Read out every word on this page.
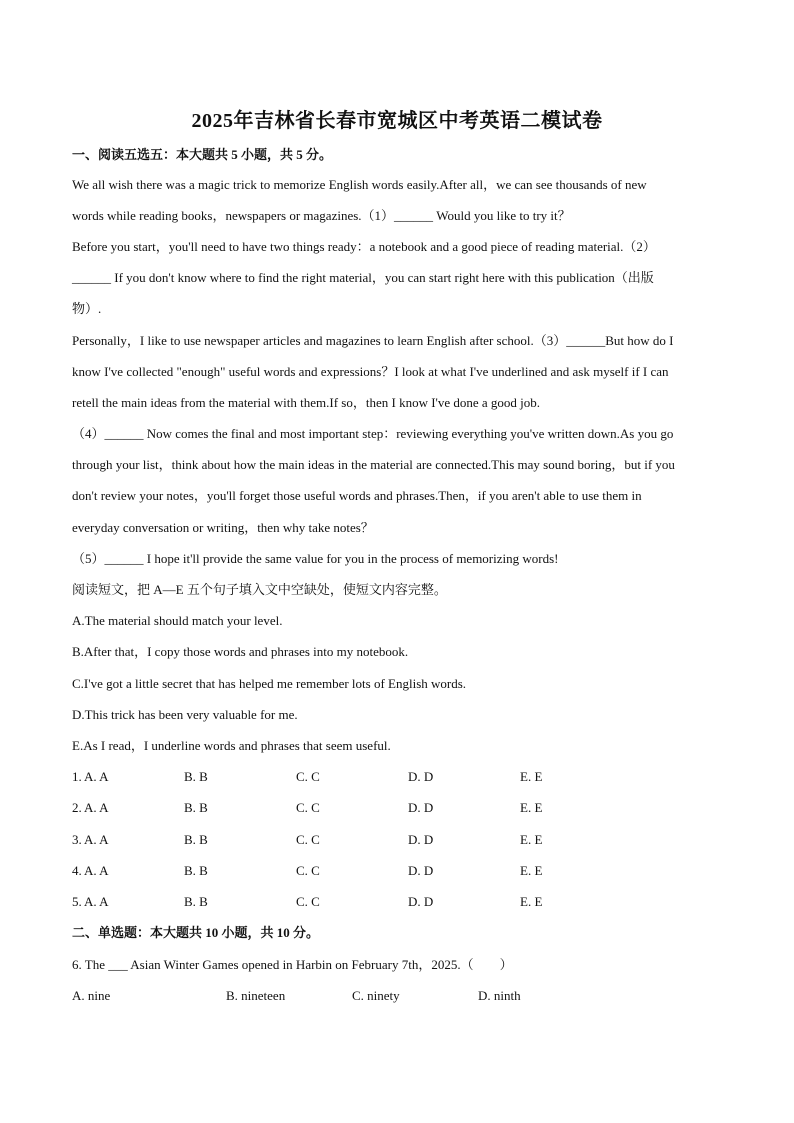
2025年吉林省长春市宽城区中考英语二模试卷
一、阅读五选五：本大题共 5 小题，共 5 分。
We all wish there was a magic trick to memorize English words easily.After all，we can see thousands of new
words while reading books，newspapers or magazines.（1）______ Would you like to try it？
Before you start，you'll need to have two things ready：a notebook and a good piece of reading material.（2）
______ If you don't know where to find the right material，you can start right here with this publication（出版
物）.
Personally，I like to use newspaper articles and magazines to learn English after school.（3）______But how do I
know I've collected "enough" useful words and expressions？I look at what I've underlined and ask myself if I can
retell the main ideas from the material with them.If so，then I know I've done a good job.
（4）______ Now comes the final and most important step：reviewing everything you've written down.As you go
through your list，think about how the main ideas in the material are connected.This may sound boring，but if you
don't review your notes，you'll forget those useful words and phrases.Then，if you aren't able to use them in
everyday conversation or writing，then why take notes？
（5）______ I hope it'll provide the same value for you in the process of memorizing words!
阅读短文，把 A—E 五个句子填入文中空缺处，使短文内容完整。
A.The material should match your level.
B.After that，I copy those words and phrases into my notebook.
C.I've got a little secret that has helped me remember lots of English words.
D.This trick has been very valuable for me.
E.As I read，I underline words and phrases that seem useful.
1. A. A	B. B	C. C	D. D	E. E
2. A. A	B. B	C. C	D. D	E. E
3. A. A	B. B	C. C	D. D	E. E
4. A. A	B. B	C. C	D. D	E. E
5. A. A	B. B	C. C	D. D	E. E
二、单选题：本大题共 10 小题，共 10 分。
6. The ___ Asian Winter Games opened in Harbin on February 7th，2025.（　　）
A. nine	B. nineteen	C. ninety	D. ninth
